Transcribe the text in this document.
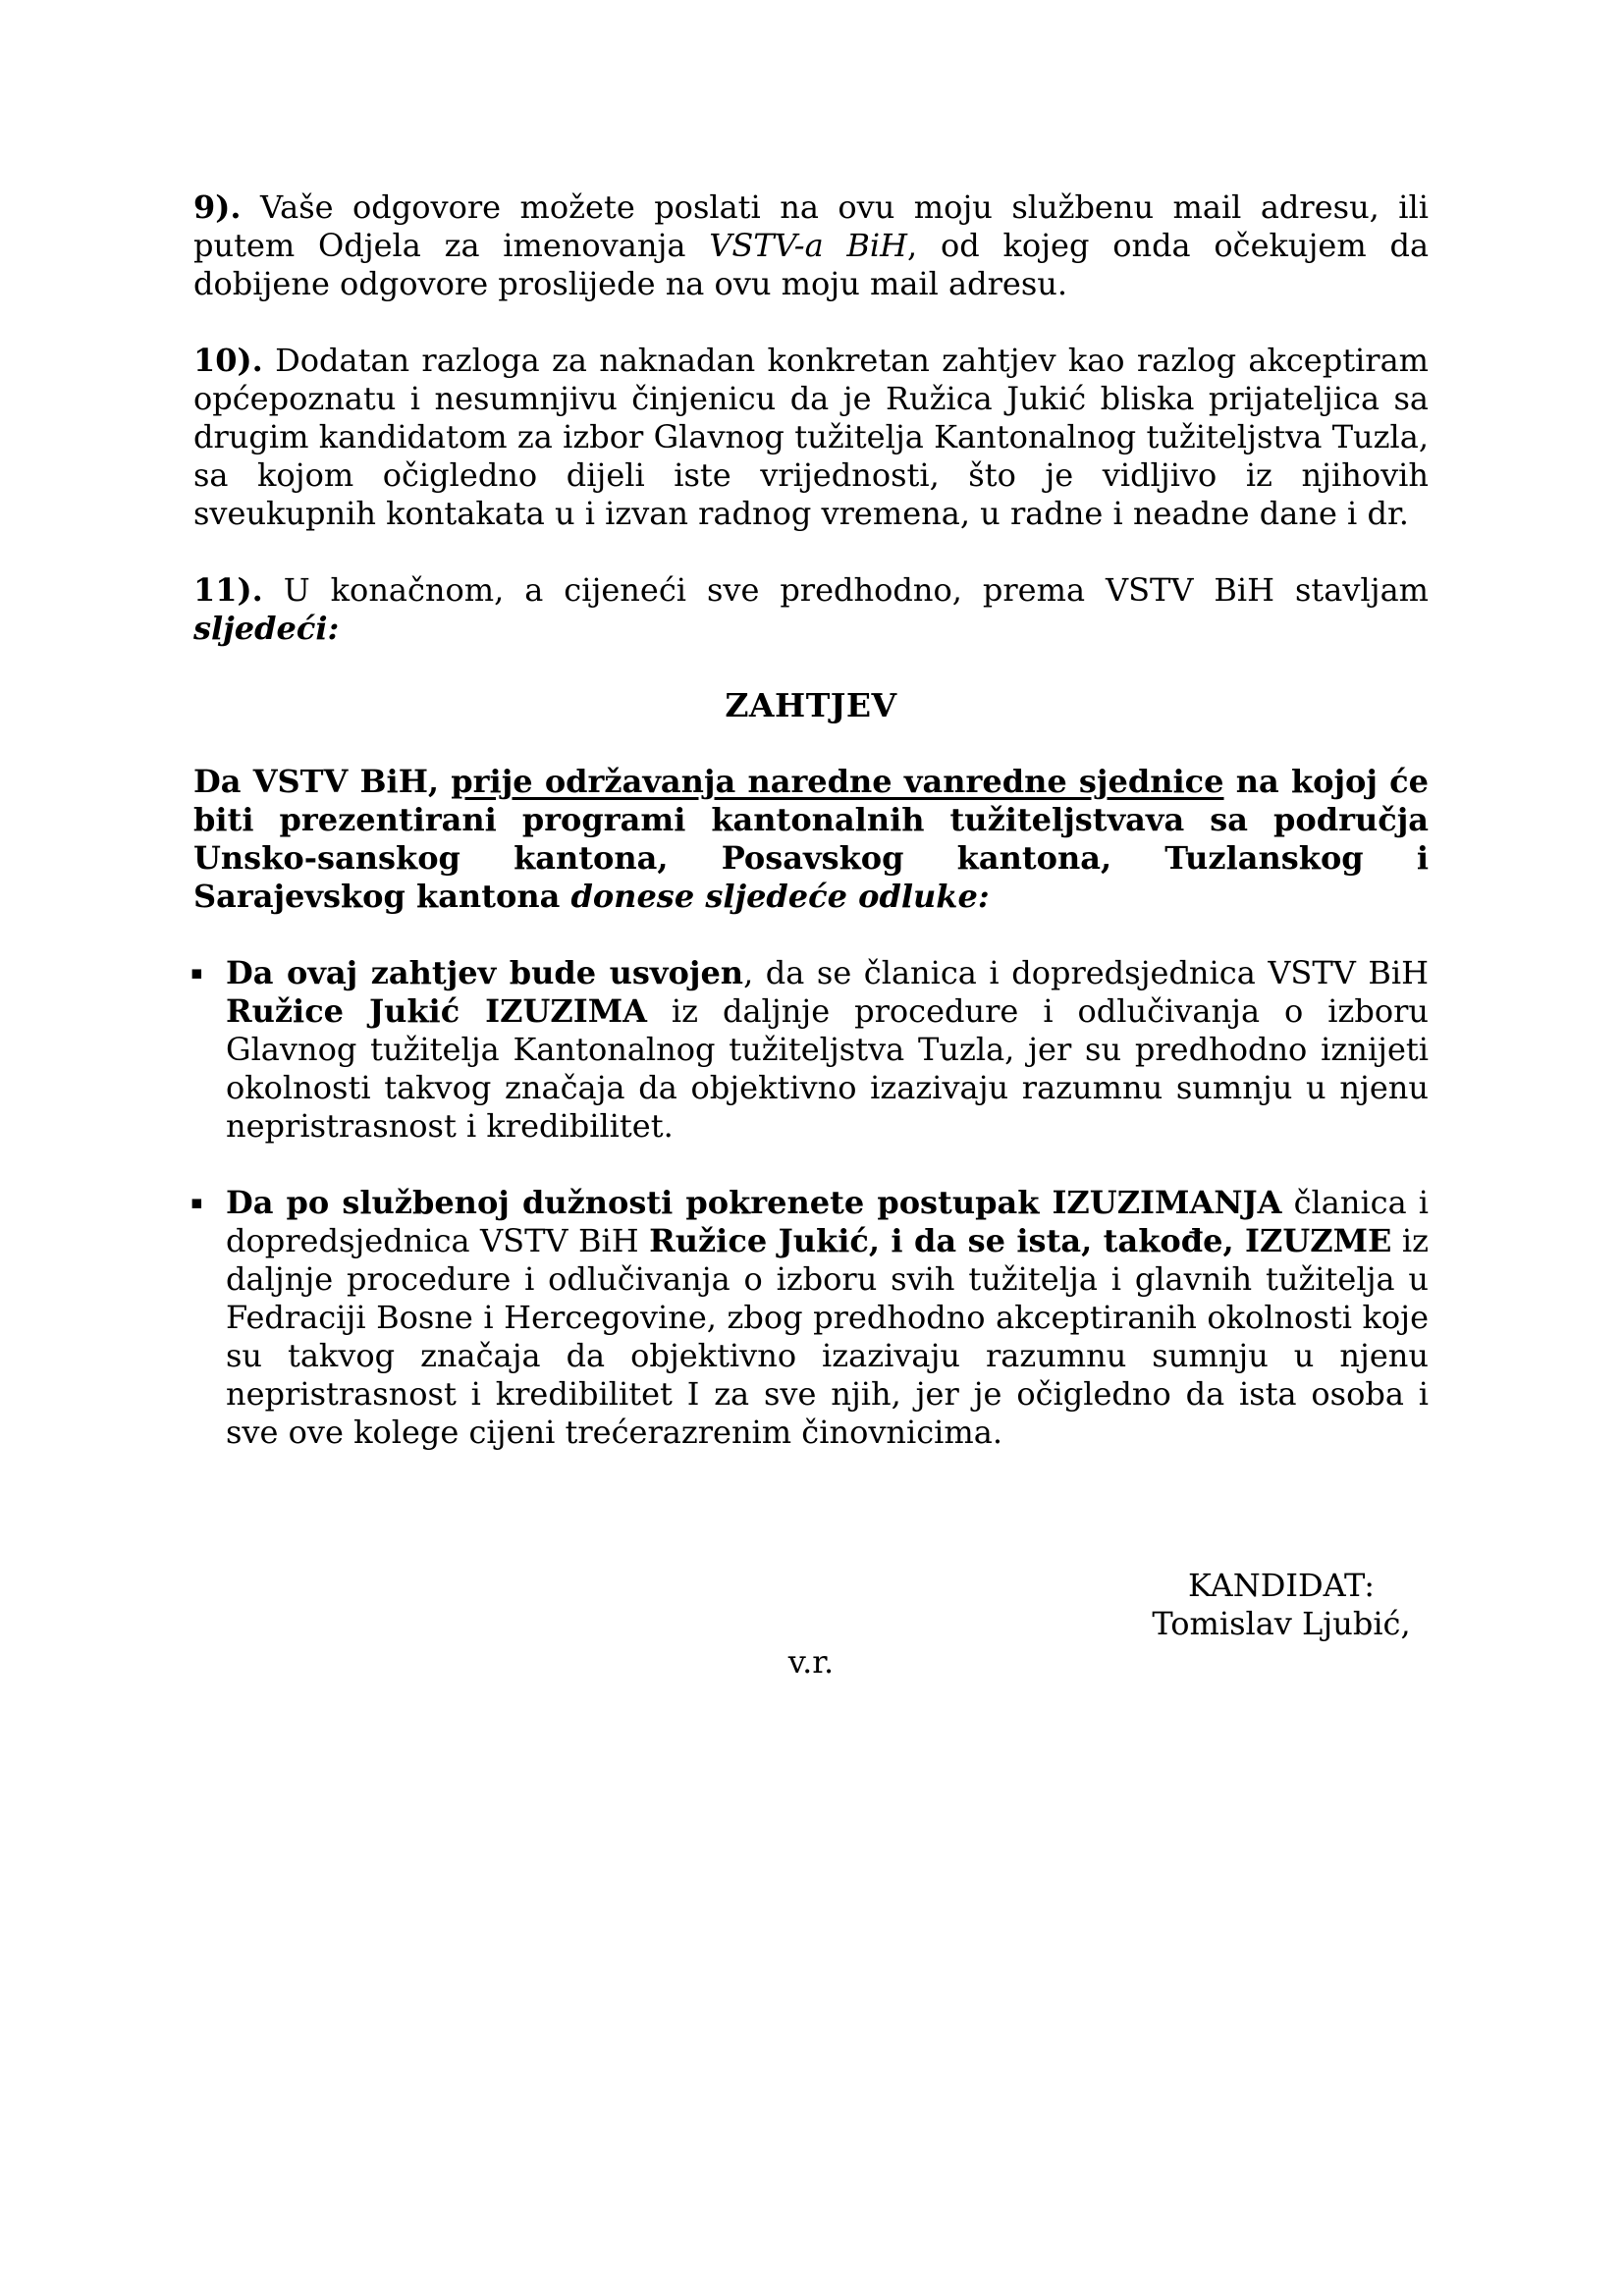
9). Vaše odgovore možete poslati na ovu moju službenu mail adresu, ili putem Odjela za imenovanja VSTV-a BiH, od kojeg onda očekujem da dobijene odgovore proslijede na ovu moju mail adresu.

10). Dodatan razloga za naknadan konkretan zahtjev kao razlog akceptiram općepoznatu i nesumnjivu činjenicu da je Ružica Jukić bliska prijateljica sa drugim kandidatom za izbor Glavnog tužitelja Kantonalnog tužiteljstva Tuzla, sa kojom očigledno dijeli iste vrijednosti, što je vidljivo iz njihovih sveukupnih kontakata u i izvan radnog vremena, u radne i neadne dane i dr.

11). U konačnom, a cijeneći sve predhodno, prema VSTV BiH stavljam sljedeći:

ZAHTJEV

Da VSTV BiH, prije održavanja naredne vanredne sjednice na kojoj će biti prezentirani programi kantonalnih tužiteljstvava sa područja Unsko-sanskog kantona, Posavskog kantona, Tuzlanskog i Sarajevskog kantona donese sljedeće odluke:

▪ Da ovaj zahtjev bude usvojen, da se članica i dopredsjednica VSTV BiH Ružice Jukić IZUZIMA iz daljnje procedure i odlučivanja o izboru Glavnog tužitelja Kantonalnog tužiteljstva Tuzla, jer su predhodno iznijeti okolnosti takvog značaja da objektivno izazivaju razumnu sumnju u njenu nepristrasnost i kredibilitet.
▪ Da po službenoj dužnosti pokrenete postupak IZUZIMANJA članica i dopredsjednica VSTV BiH Ružice Jukić, i da se ista, takođe, IZUZME iz daljnje procedure i odlučivanja o izboru svih tužitelja i glavnih tužitelja u Fedraciji Bosne i Hercegovine, zbog predhodno akceptiranih okolnosti koje su takvog značaja da objektivno izazivaju razumnu sumnju u njenu nepristrasnost i kredibilitet I za sve njih, jer je očigledno da ista osoba i sve ove kolege cijeni trećerazrenim činovnicima.
KANDIDAT:
Tomislav Ljubić,
v.r.
